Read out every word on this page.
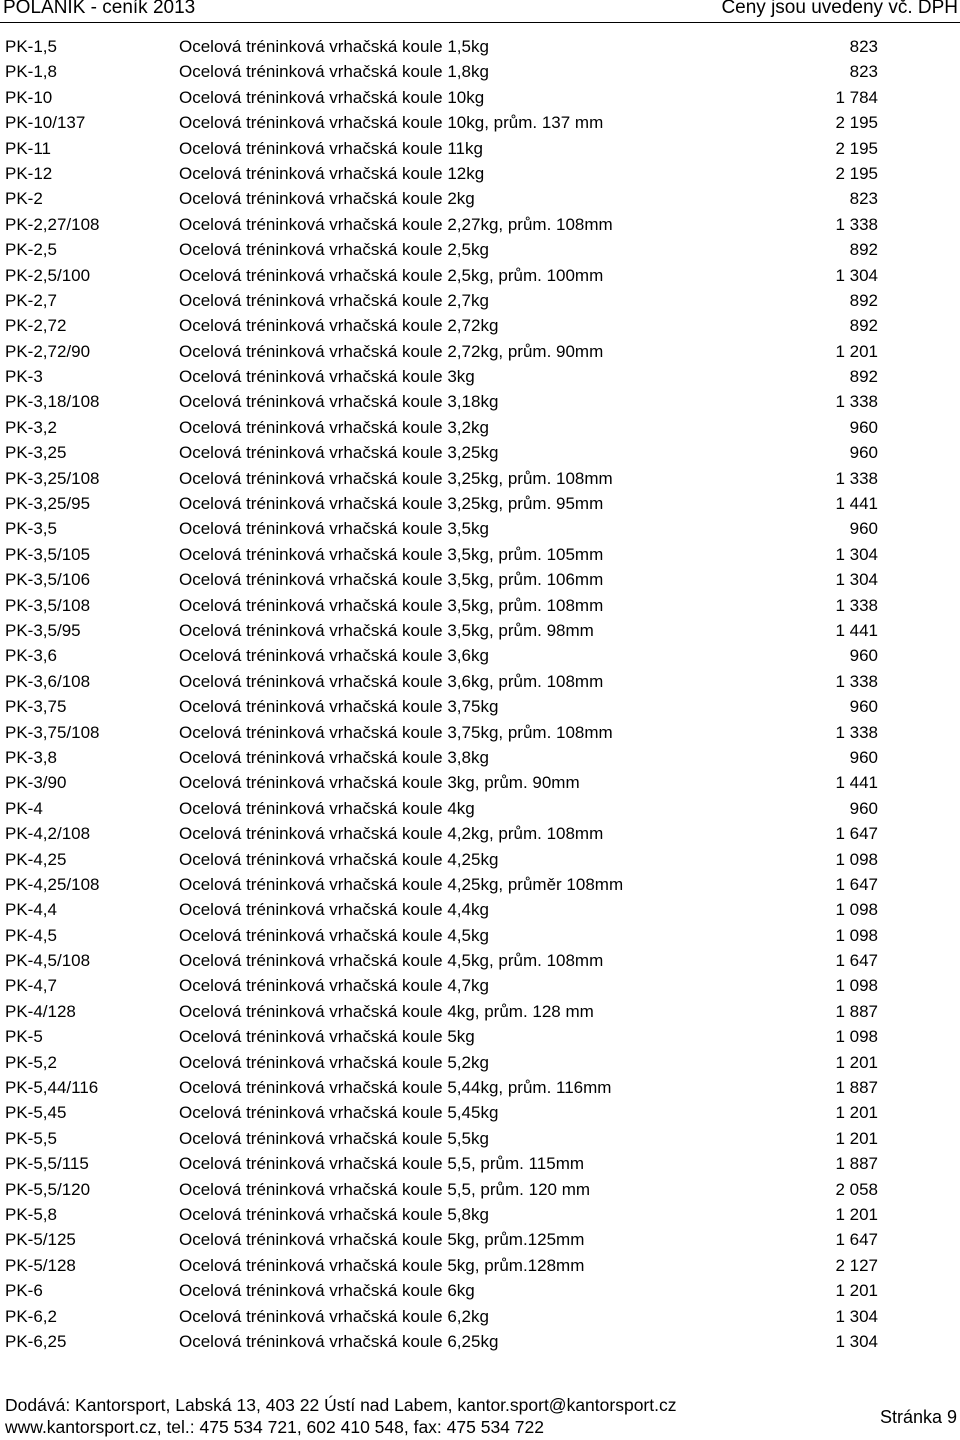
POLANIK - ceník 2013	Ceny jsou uvedeny vč. DPH
PK-1,5	Ocelová tréninková vrhačská koule 1,5kg	823
PK-1,8	Ocelová tréninková vrhačská koule 1,8kg	823
PK-10	Ocelová tréninková vrhačská koule 10kg	1 784
PK-10/137	Ocelová tréninková vrhačská koule 10kg, prům. 137 mm	2 195
PK-11	Ocelová tréninková vrhačská koule 11kg	2 195
PK-12	Ocelová tréninková vrhačská koule 12kg	2 195
PK-2	Ocelová tréninková vrhačská koule 2kg	823
PK-2,27/108	Ocelová tréninková vrhačská koule 2,27kg, prům. 108mm	1 338
PK-2,5	Ocelová tréninková vrhačská koule 2,5kg	892
PK-2,5/100	Ocelová tréninková vrhačská koule 2,5kg, prům. 100mm	1 304
PK-2,7	Ocelová tréninková vrhačská koule 2,7kg	892
PK-2,72	Ocelová tréninková vrhačská koule 2,72kg	892
PK-2,72/90	Ocelová tréninková vrhačská koule 2,72kg, prům. 90mm	1 201
PK-3	Ocelová tréninková vrhačská koule 3kg	892
PK-3,18/108	Ocelová tréninková vrhačská koule 3,18kg	1 338
PK-3,2	Ocelová tréninková vrhačská koule 3,2kg	960
PK-3,25	Ocelová tréninková vrhačská koule 3,25kg	960
PK-3,25/108	Ocelová tréninková vrhačská koule 3,25kg, prům. 108mm	1 338
PK-3,25/95	Ocelová tréninková vrhačská koule 3,25kg, prům. 95mm	1 441
PK-3,5	Ocelová tréninková vrhačská koule 3,5kg	960
PK-3,5/105	Ocelová tréninková vrhačská koule 3,5kg, prům. 105mm	1 304
PK-3,5/106	Ocelová tréninková vrhačská koule 3,5kg, prům. 106mm	1 304
PK-3,5/108	Ocelová tréninková vrhačská koule 3,5kg, prům. 108mm	1 338
PK-3,5/95	Ocelová tréninková vrhačská koule 3,5kg, prům. 98mm	1 441
PK-3,6	Ocelová tréninková vrhačská koule 3,6kg	960
PK-3,6/108	Ocelová tréninková vrhačská koule 3,6kg, prům. 108mm	1 338
PK-3,75	Ocelová tréninková vrhačská koule 3,75kg	960
PK-3,75/108	Ocelová tréninková vrhačská koule 3,75kg, prům. 108mm	1 338
PK-3,8	Ocelová tréninková vrhačská koule 3,8kg	960
PK-3/90	Ocelová tréninková vrhačská koule 3kg, prům. 90mm	1 441
PK-4	Ocelová tréninková vrhačská koule 4kg	960
PK-4,2/108	Ocelová tréninková vrhačská koule 4,2kg, prům. 108mm	1 647
PK-4,25	Ocelová tréninková vrhačská koule 4,25kg	1 098
PK-4,25/108	Ocelová tréninková vrhačská koule 4,25kg, průměr 108mm	1 647
PK-4,4	Ocelová tréninková vrhačská koule 4,4kg	1 098
PK-4,5	Ocelová tréninková vrhačská koule 4,5kg	1 098
PK-4,5/108	Ocelová tréninková vrhačská koule 4,5kg, prům. 108mm	1 647
PK-4,7	Ocelová tréninková vrhačská koule 4,7kg	1 098
PK-4/128	Ocelová tréninková vrhačská koule 4kg, prům. 128 mm	1 887
PK-5	Ocelová tréninková vrhačská koule 5kg	1 098
PK-5,2	Ocelová tréninková vrhačská koule 5,2kg	1 201
PK-5,44/116	Ocelová tréninková vrhačská koule 5,44kg, prům. 116mm	1 887
PK-5,45	Ocelová tréninková vrhačská koule 5,45kg	1 201
PK-5,5	Ocelová tréninková vrhačská koule 5,5kg	1 201
PK-5,5/115	Ocelová tréninková vrhačská koule 5,5, prům. 115mm	1 887
PK-5,5/120	Ocelová tréninková vrhačská koule 5,5, prům. 120 mm	2 058
PK-5,8	Ocelová tréninková vrhačská koule 5,8kg	1 201
PK-5/125	Ocelová tréninková vrhačská koule 5kg, prům.125mm	1 647
PK-5/128	Ocelová tréninková vrhačská koule 5kg, prům.128mm	2 127
PK-6	Ocelová tréninková vrhačská koule 6kg	1 201
PK-6,2	Ocelová tréninková vrhačská koule 6,2kg	1 304
PK-6,25	Ocelová tréninková vrhačská koule 6,25kg	1 304
Dodává: Kantorsport, Labská 13, 403 22 Ústí nad Labem, kantor.sport@kantorsport.cz
www.kantorsport.cz, tel.: 475 534 721, 602 410 548, fax: 475 534 722	Stránka 9
